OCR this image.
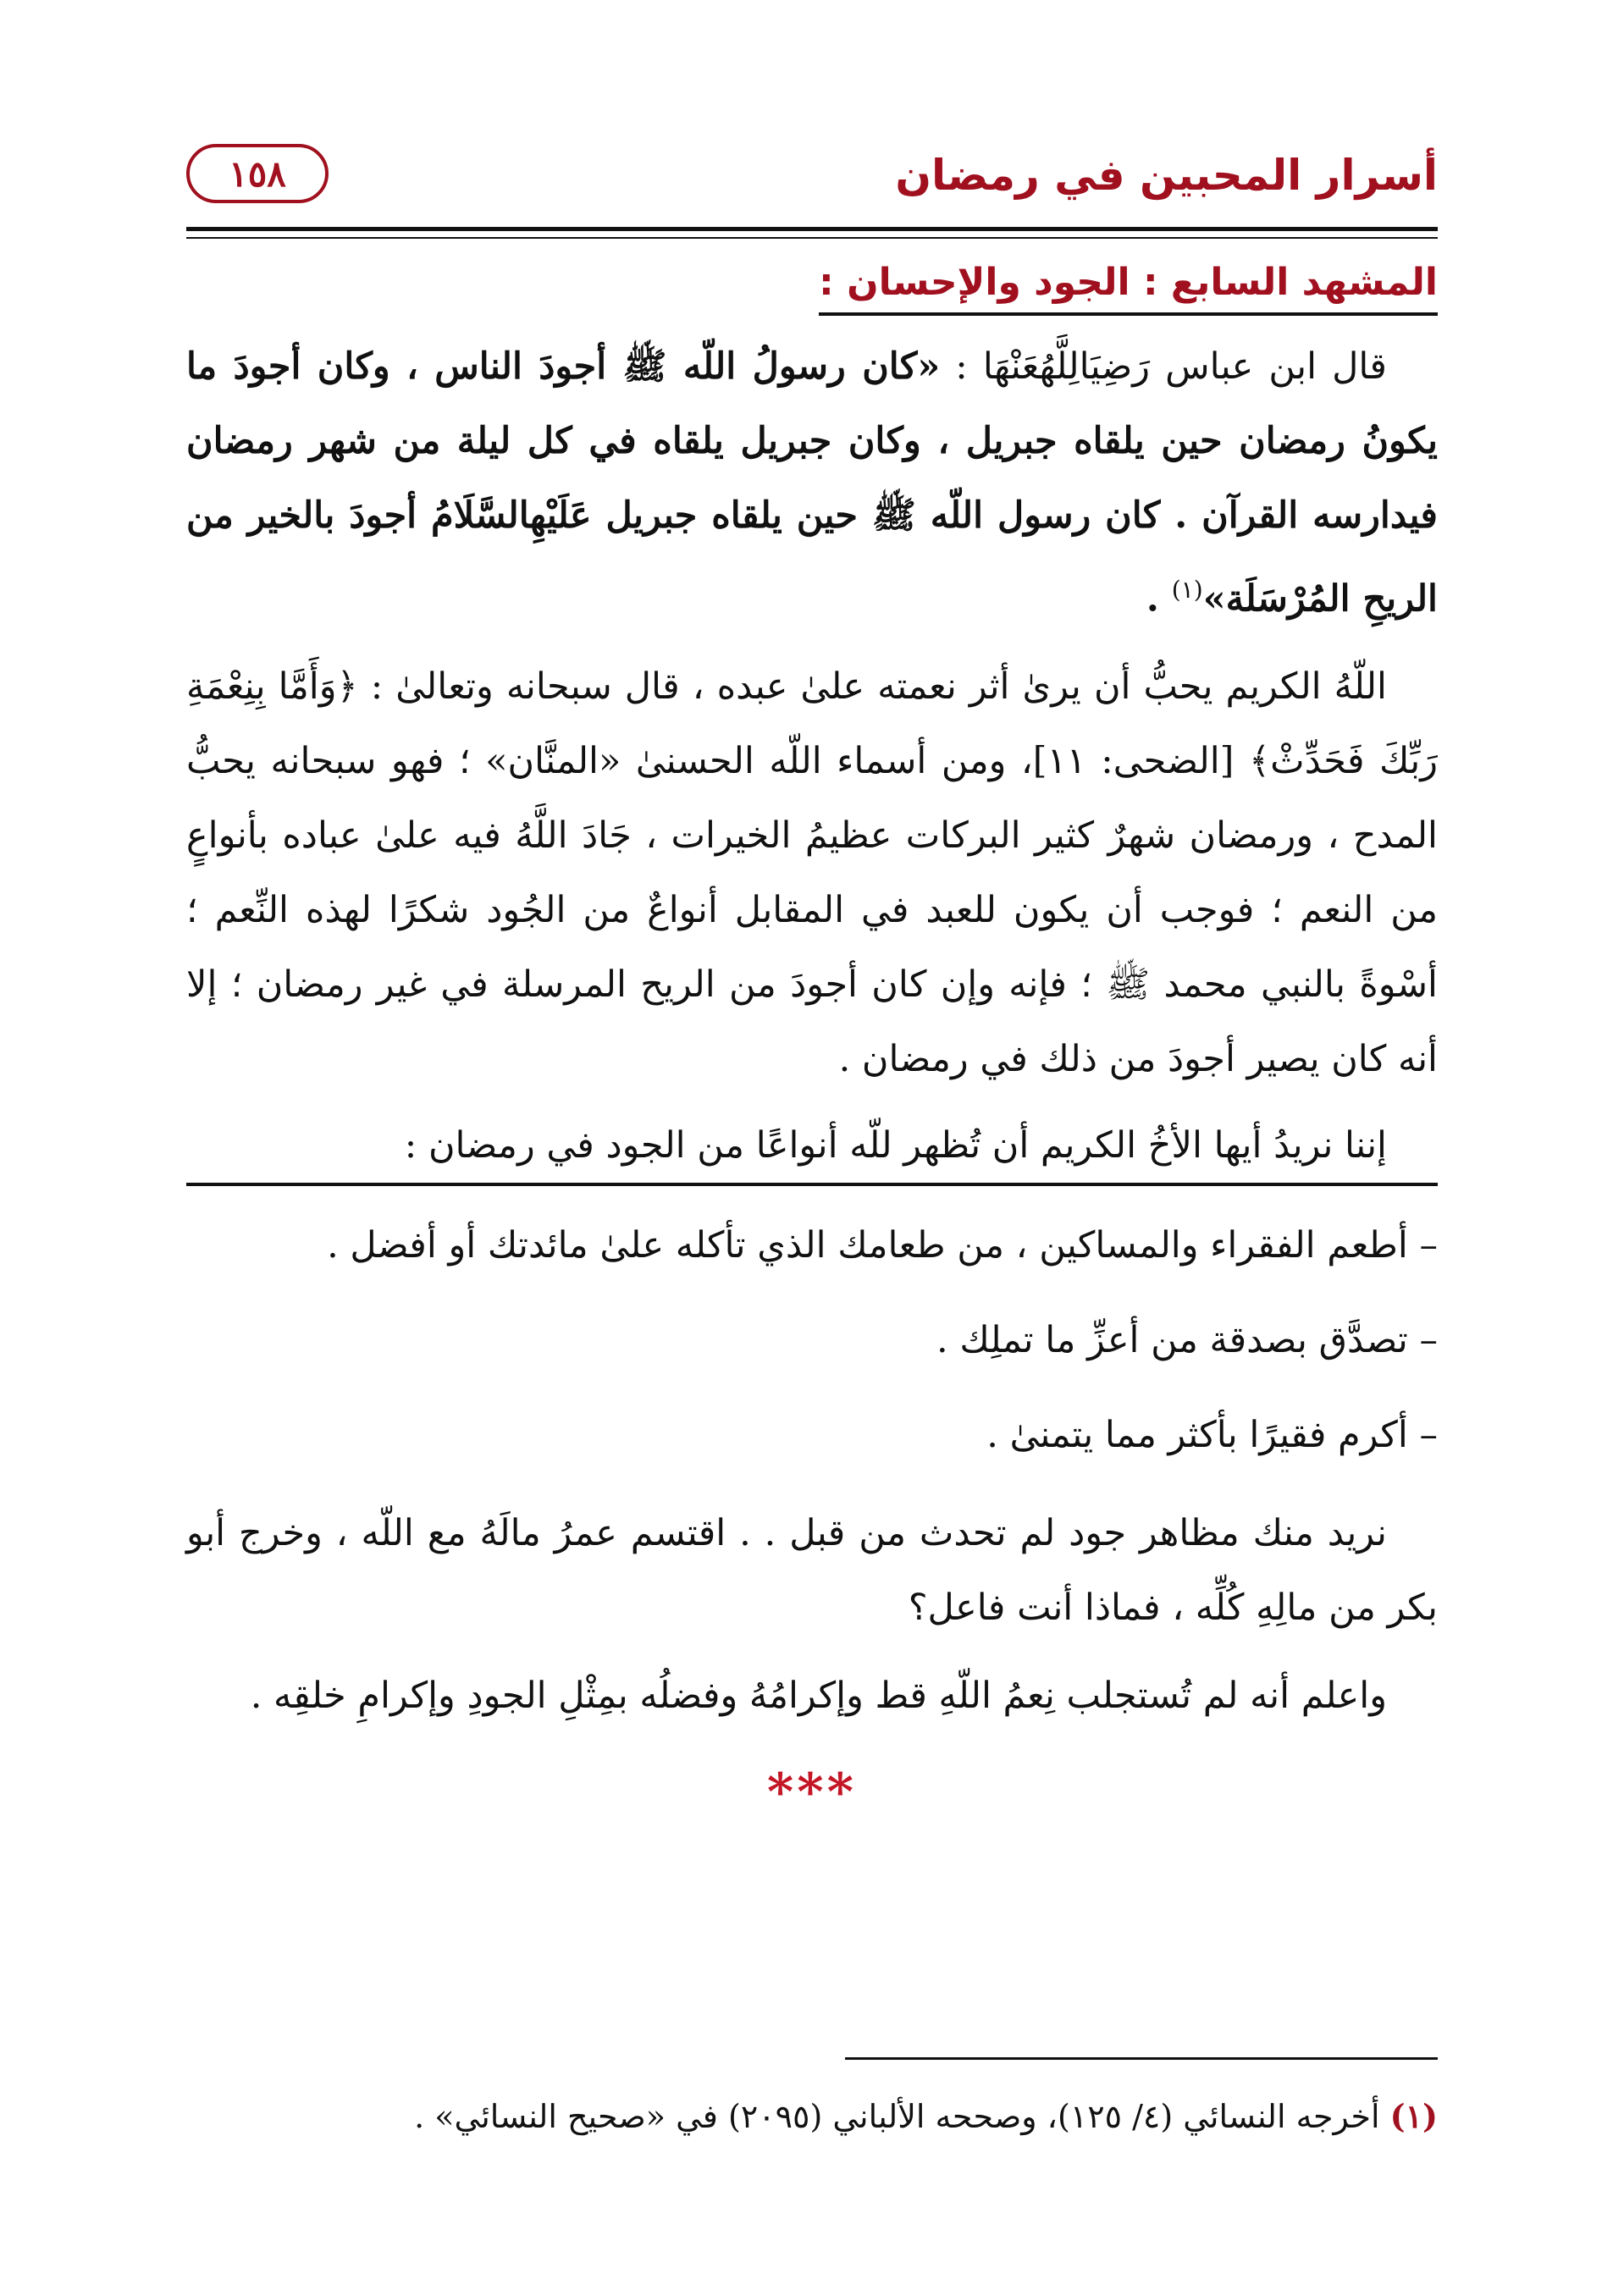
أسرار المحبين في رمضان
١٥٨
المشهد السابع : الجود والإحسان :

قال ابن عباس رَضِيَالِلَّهُعَنْهَا : «كان رسولُ اللّه ﷺ أجودَ الناس ، وكان أجودَ ما يكونُ رمضان حين يلقاه جبريل ، وكان جبريل يلقاه في كل ليلة من شهر رمضان فيدارسه القرآن . كان رسول اللّه ﷺ حين يلقاه جبريل عَلَيْهِالسَّلَامُ أجودَ بالخير من الريحِ المُرْسَلَة»$^{(١)}$ .

اللّهُ الكريم يحبُّ أن يرىٰ أثر نعمته علىٰ عبده ، قال سبحانه وتعالىٰ : ﴿وَأَمَّا بِنِعْمَةِ رَبِّكَ فَحَدِّثْ﴾ [الضحى: ١١]، ومن أسماء اللّه الحسنىٰ «المنَّان» ؛ فهو سبحانه يحبُّ المدح ، ورمضان شهرٌ كثير البركات عظيمُ الخيرات ، جَادَ اللَّهُ فيه علىٰ عباده بأنواعٍ من النعم ؛ فوجب أن يكون للعبد في المقابل أنواعٌ من الجُود شكرًا لهذه النِّعم ؛ أسْوةً بالنبي محمد ﷺ ؛ فإنه وإن كان أجودَ من الريح المرسلة في غير رمضان ؛ إلا أنه كان يصير أجودَ من ذلك في رمضان .

إننا نريدُ أيها الأخُ الكريم أن تُظهر للّه أنواعًا من الجود في رمضان :

– أطعم الفقراء والمساكين ، من طعامك الذي تأكله علىٰ مائدتك أو أفضل .
– تصدَّق بصدقة من أعزِّ ما تملِك .
– أكرم فقيرًا بأكثر مما يتمنىٰ .

نريد منك مظاهر جود لم تحدث من قبل . . اقتسم عمرُ مالَهُ مع اللّه ، وخرج أبو بكر من مالِهِ كُلِّه ، فماذا أنت فاعل؟

واعلم أنه لم تُستجلب نِعمُ اللّهِ قط وإكرامُهُ وفضلُه بمِثْلِ الجودِ وإكرامِ خلقِه .

***
(١) أخرجه النسائي (٤/ ١٢٥)، وصححه الألباني (٢٠٩٥) في «صحيح النسائي» .
